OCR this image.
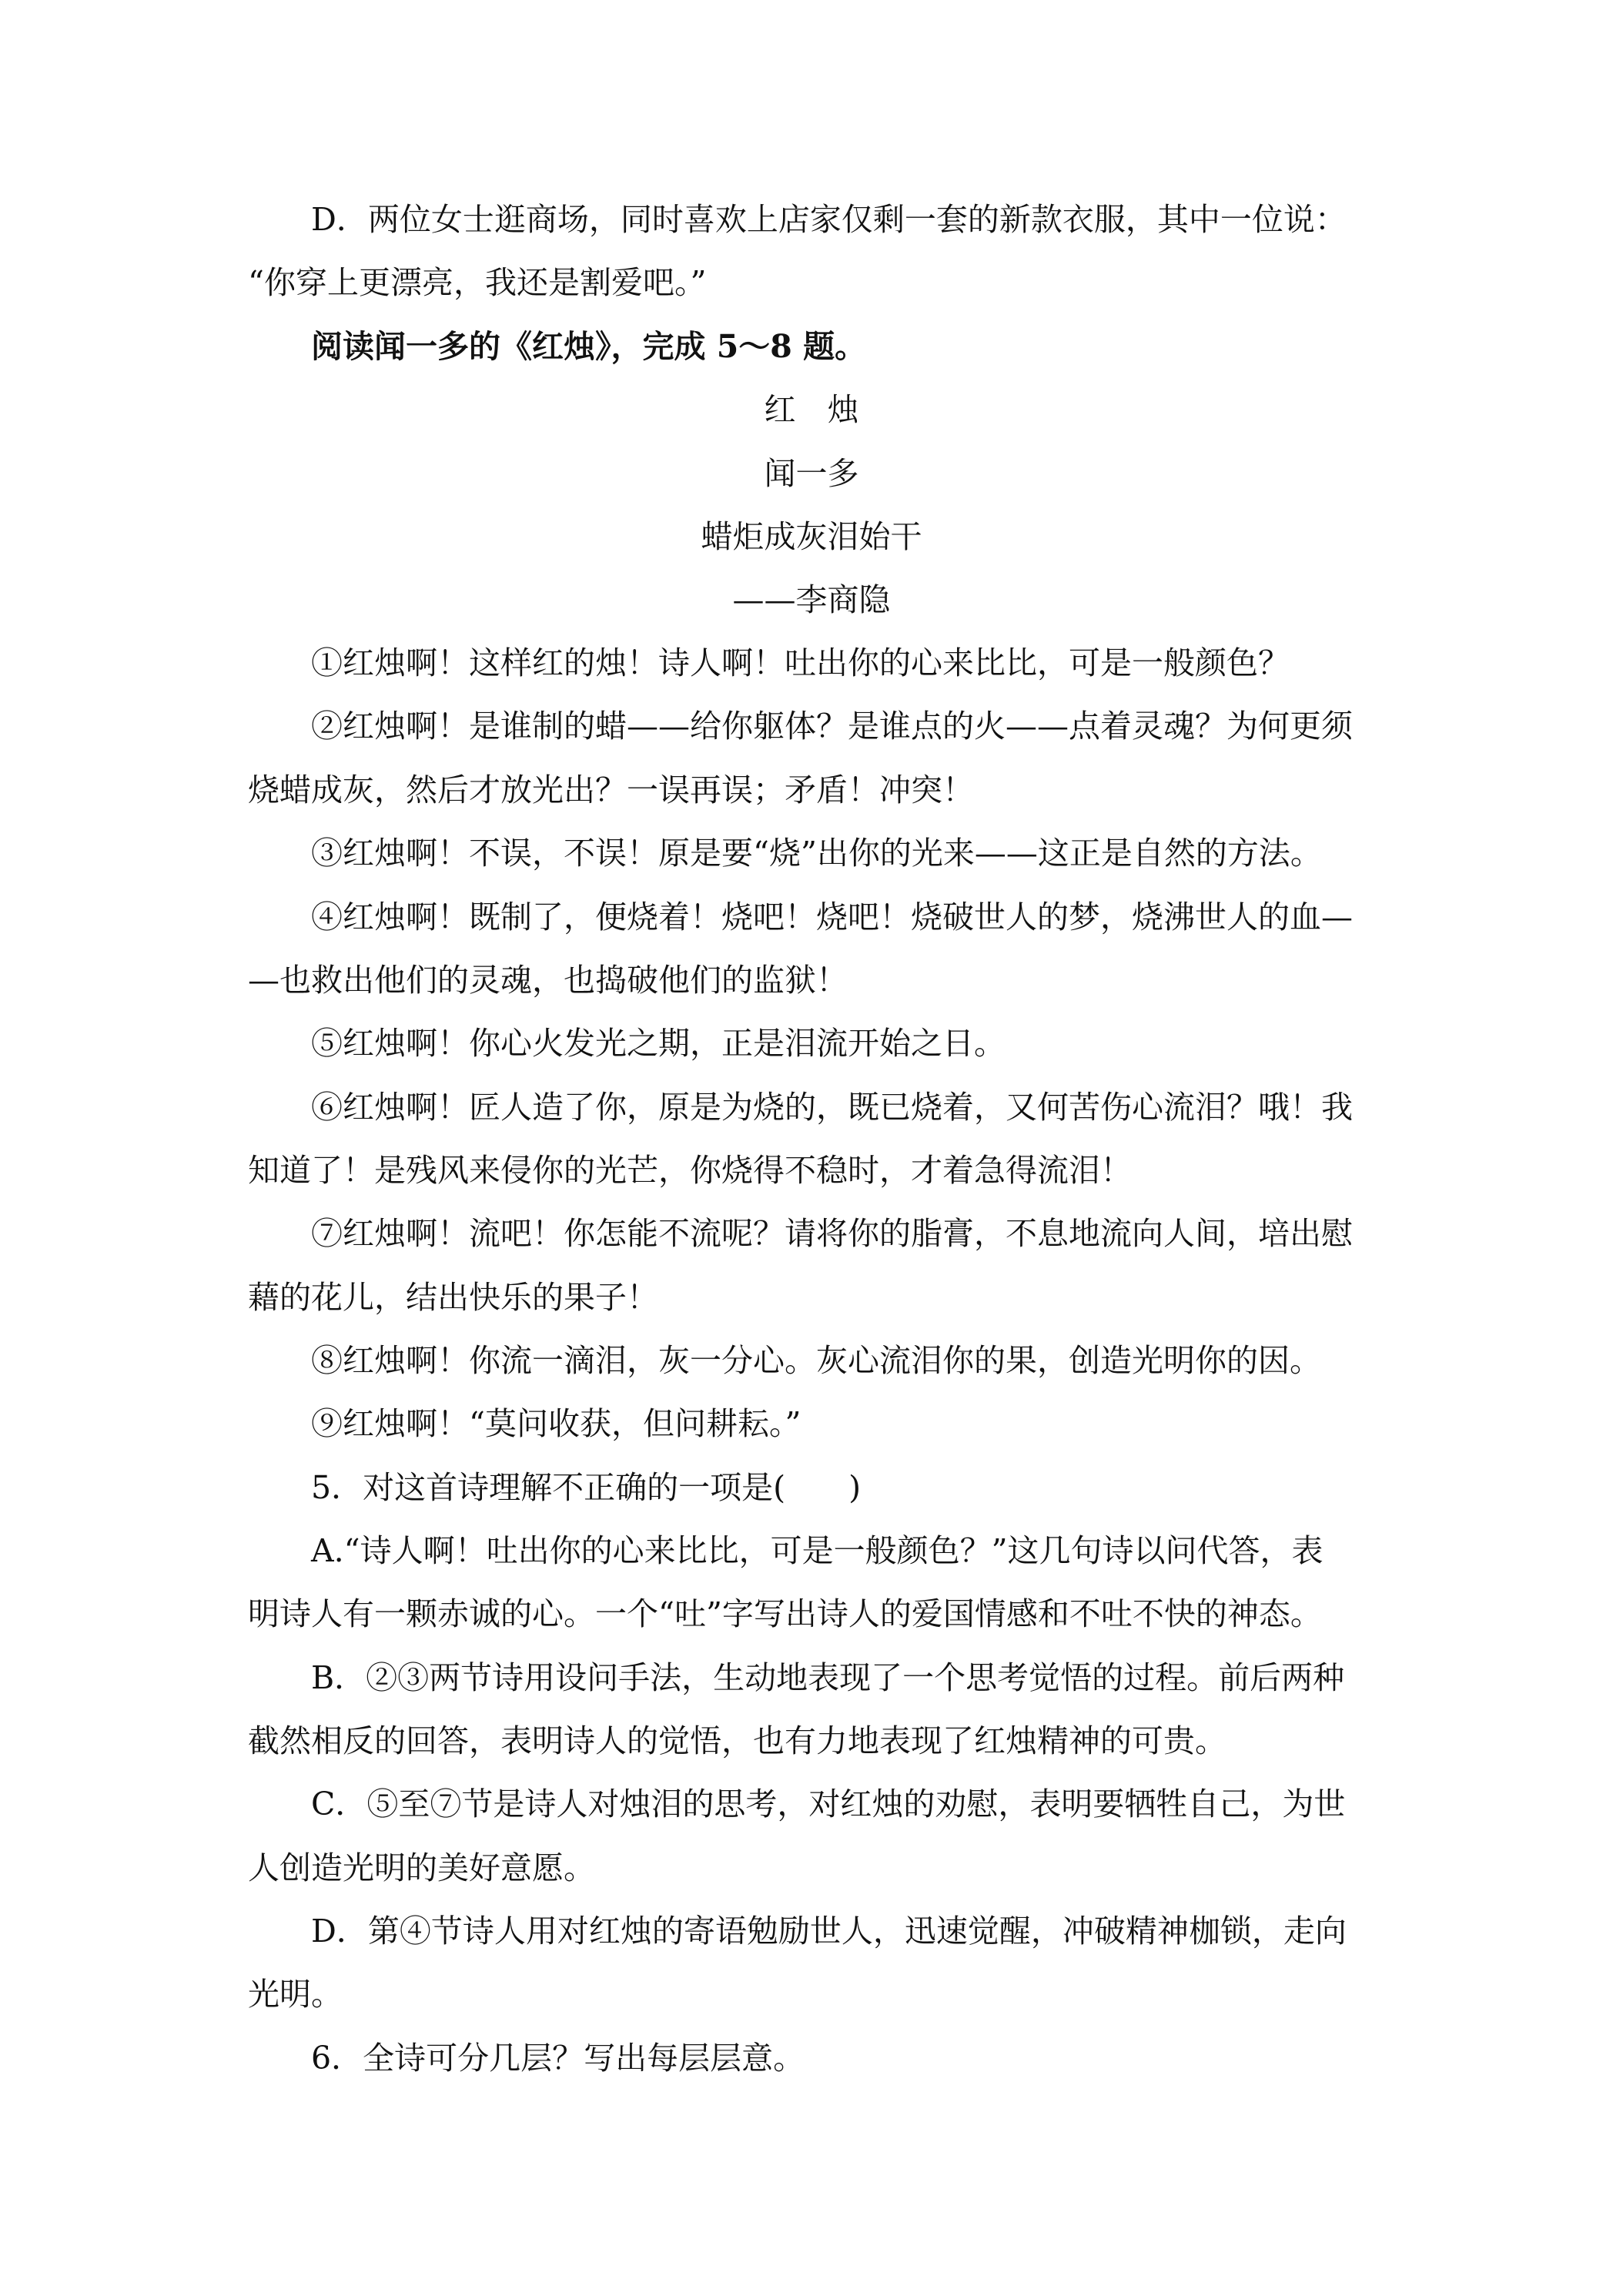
D．两位女士逛商场，同时喜欢上店家仅剩一套的新款衣服，其中一位说：
“你穿上更漂亮，我还是割爱吧。”
阅读闻一多的《红烛》，完成 5～8 题。
红　烛
闻一多
蜡炬成灰泪始干
——李商隐
①红烛啊！这样红的烛！诗人啊！吐出你的心来比比，可是一般颜色？
②红烛啊！是谁制的蜡——给你躯体？是谁点的火——点着灵魂？为何更须
烧蜡成灰，然后才放光出？一误再误；矛盾！冲突！
③红烛啊！不误，不误！原是要“烧”出你的光来——这正是自然的方法。
④红烛啊！既制了，便烧着！烧吧！烧吧！烧破世人的梦，烧沸世人的血—
—也救出他们的灵魂，也捣破他们的监狱！
⑤红烛啊！你心火发光之期，正是泪流开始之日。
⑥红烛啊！匠人造了你，原是为烧的，既已烧着，又何苦伤心流泪？哦！我
知道了！是残风来侵你的光芒，你烧得不稳时，才着急得流泪！
⑦红烛啊！流吧！你怎能不流呢？请将你的脂膏，不息地流向人间，培出慰
藉的花儿，结出快乐的果子！
⑧红烛啊！你流一滴泪，灰一分心。灰心流泪你的果，创造光明你的因。
⑨红烛啊！“莫问收获，但问耕耘。”
5．对这首诗理解不正确的一项是(　　)
A.“诗人啊！吐出你的心来比比，可是一般颜色？”这几句诗以问代答，表
明诗人有一颗赤诚的心。一个“吐”字写出诗人的爱国情感和不吐不快的神态。
B．②③两节诗用设问手法，生动地表现了一个思考觉悟的过程。前后两种
截然相反的回答，表明诗人的觉悟，也有力地表现了红烛精神的可贵。
C．⑤至⑦节是诗人对烛泪的思考，对红烛的劝慰，表明要牺牲自己，为世
人创造光明的美好意愿。
D．第④节诗人用对红烛的寄语勉励世人，迅速觉醒，冲破精神枷锁，走向
光明。
6．全诗可分几层？写出每层层意。
